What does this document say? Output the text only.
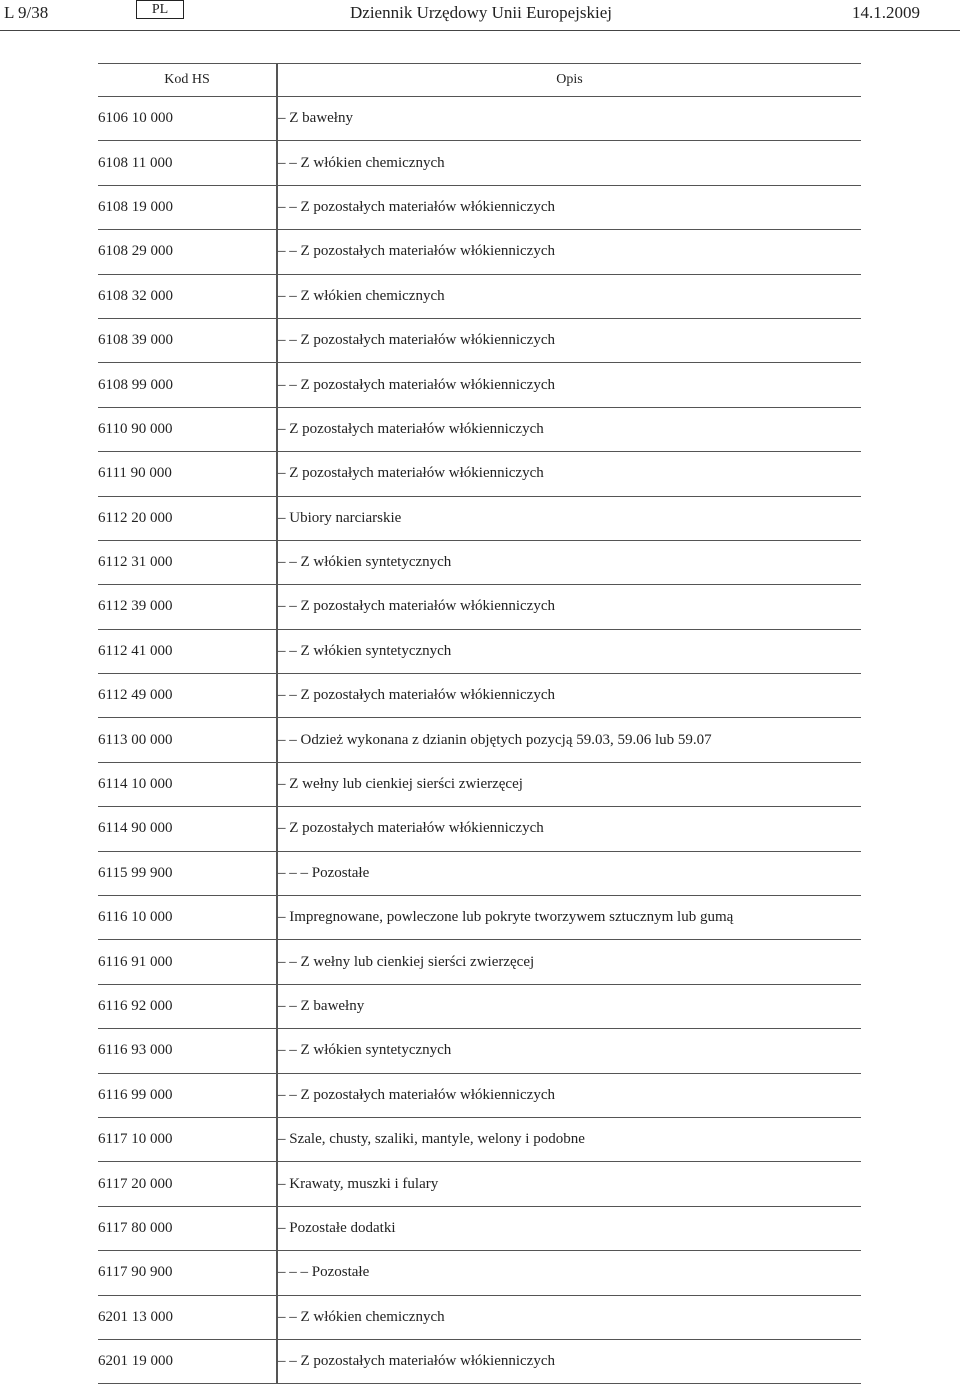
L 9/38	PL	Dziennik Urzędowy Unii Europejskiej	14.1.2009
Kod HS	Opis
6106 10 000	– Z bawełny
6108 11 000	– – Z włókien chemicznych
6108 19 000	– – Z pozostałych materiałów włókienniczych
6108 29 000	– – Z pozostałych materiałów włókienniczych
6108 32 000	– – Z włókien chemicznych
6108 39 000	– – Z pozostałych materiałów włókienniczych
6108 99 000	– – Z pozostałych materiałów włókienniczych
6110 90 000	– Z pozostałych materiałów włókienniczych
6111 90 000	– Z pozostałych materiałów włókienniczych
6112 20 000	– Ubiory narciarskie
6112 31 000	– – Z włókien syntetycznych
6112 39 000	– – Z pozostałych materiałów włókienniczych
6112 41 000	– – Z włókien syntetycznych
6112 49 000	– – Z pozostałych materiałów włókienniczych
6113 00 000	– – Odzież wykonana z dzianin objętych pozycją 59.03, 59.06 lub 59.07
6114 10 000	– Z wełny lub cienkiej sierści zwierzęcej
6114 90 000	– Z pozostałych materiałów włókienniczych
6115 99 900	– – – Pozostałe
6116 10 000	– Impregnowane, powleczone lub pokryte tworzywem sztucznym lub gumą
6116 91 000	– – Z wełny lub cienkiej sierści zwierzęcej
6116 92 000	– – Z bawełny
6116 93 000	– – Z włókien syntetycznych
6116 99 000	– – Z pozostałych materiałów włókienniczych
6117 10 000	– Szale, chusty, szaliki, mantyle, welony i podobne
6117 20 000	– Krawaty, muszki i fulary
6117 80 000	– Pozostałe dodatki
6117 90 900	– – – Pozostałe
6201 13 000	– – Z włókien chemicznych
6201 19 000	– – Z pozostałych materiałów włókienniczych
